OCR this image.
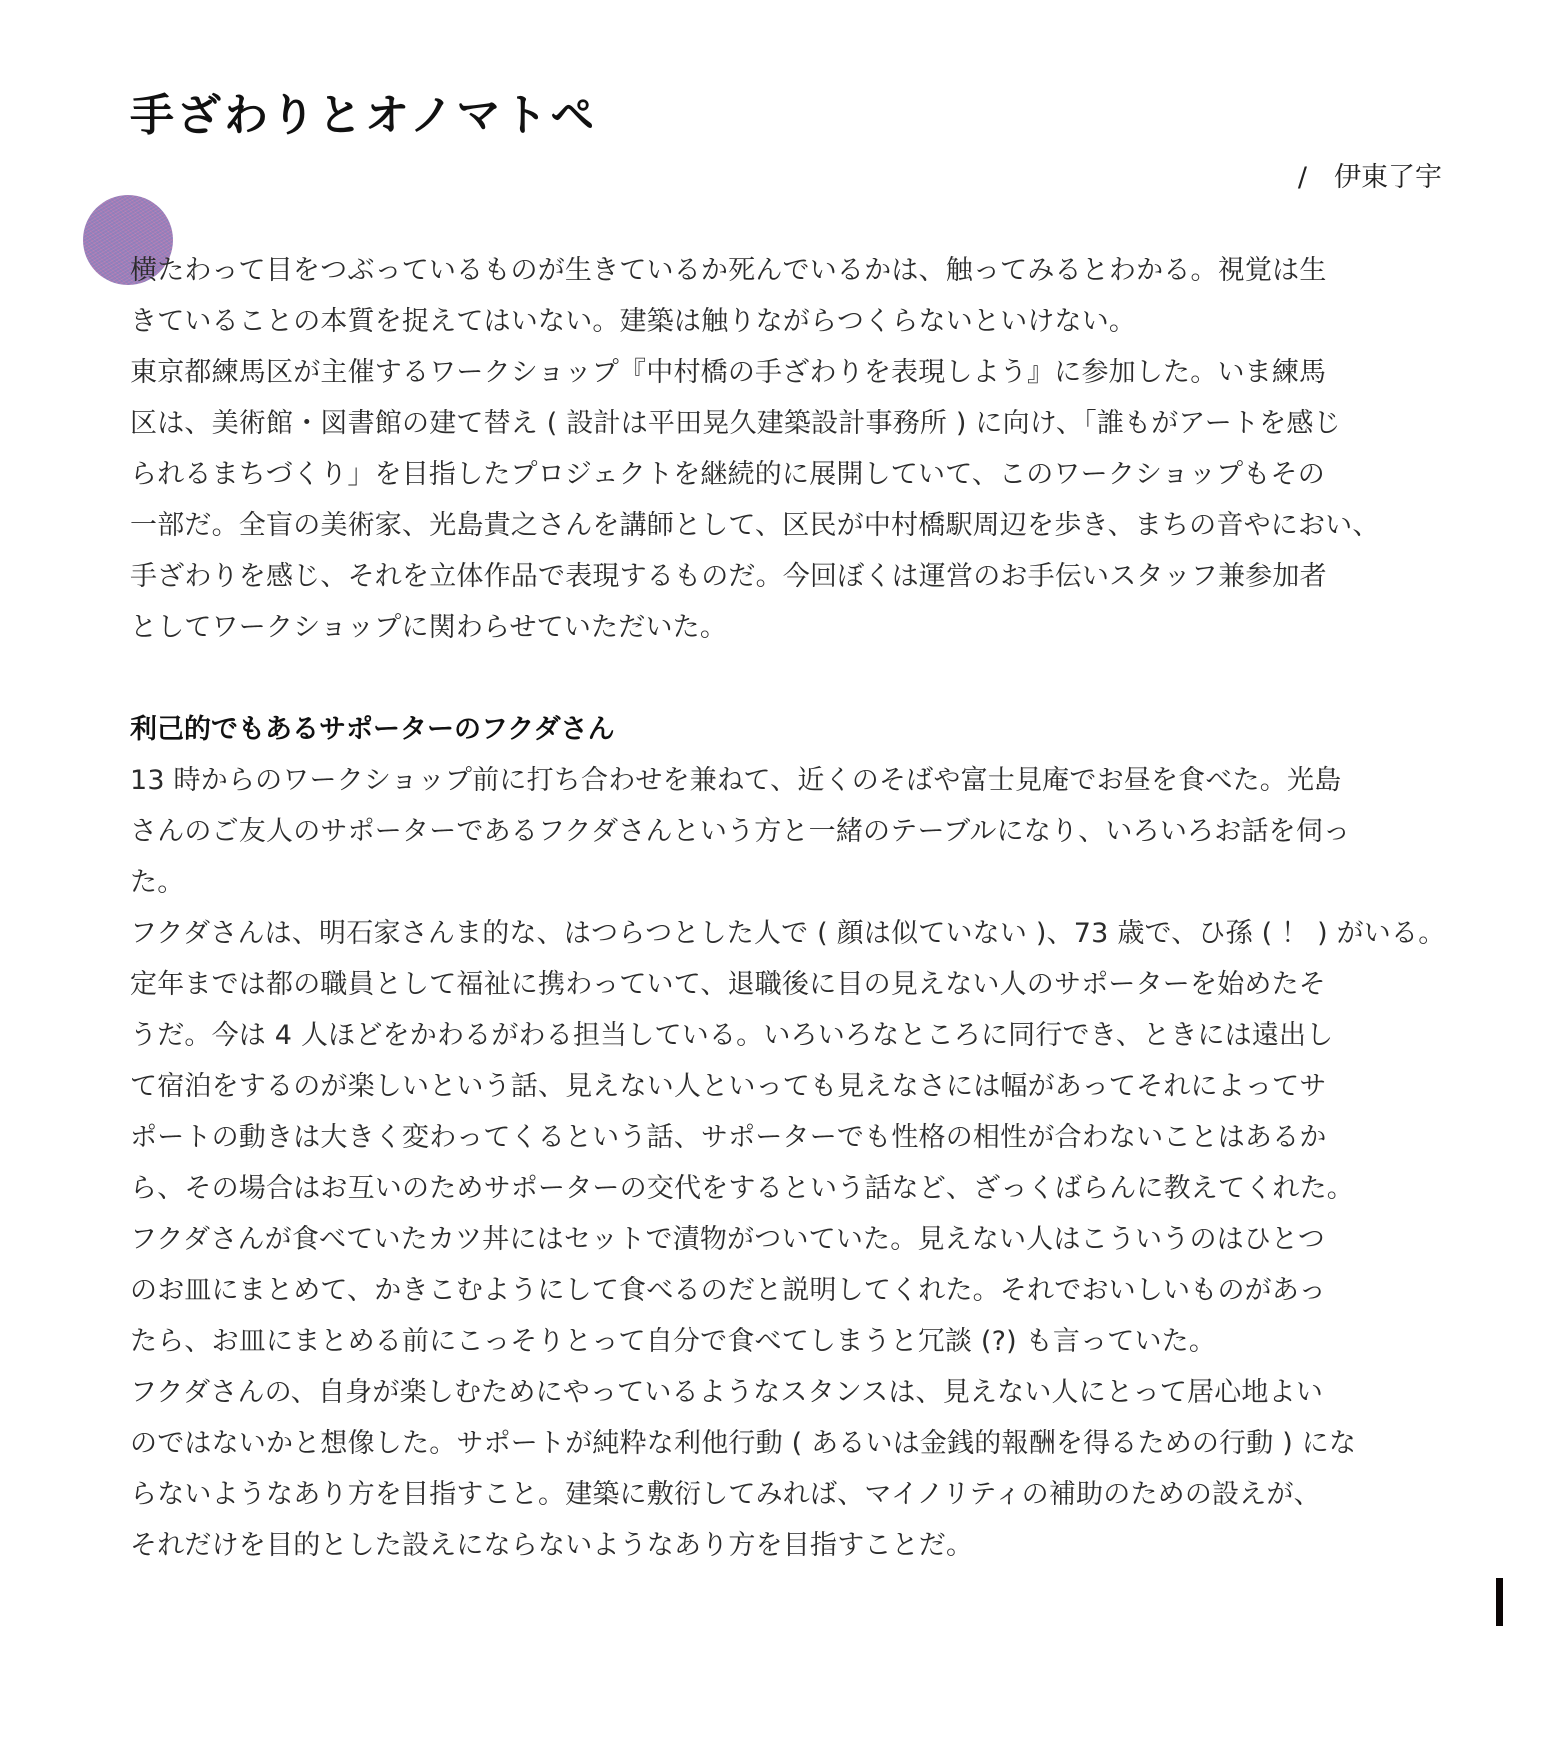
手ざわりとオノマトペ
/　伊東了宇
横たわって目をつぶっているものが生きているか死んでいるかは、触ってみるとわかる。視覚は生
きていることの本質を捉えてはいない。建築は触りながらつくらないといけない。
東京都練馬区が主催するワークショップ『中村橋の手ざわりを表現しよう』に参加した。いま練馬
区は、美術館・図書館の建て替え ( 設計は平田晃久建築設計事務所 ) に向け、「誰もがアートを感じ
られるまちづくり」を目指したプロジェクトを継続的に展開していて、このワークショップもその
一部だ。全盲の美術家、光島貴之さんを講師として、区民が中村橋駅周辺を歩き、まちの音やにおい、
手ざわりを感じ、それを立体作品で表現するものだ。今回ぼくは運営のお手伝いスタッフ兼参加者
としてワークショップに関わらせていただいた。
利己的でもあるサポーターのフクダさん
13 時からのワークショップ前に打ち合わせを兼ねて、近くのそばや富士見庵でお昼を食べた。光島
さんのご友人のサポーターであるフクダさんという方と一緒のテーブルになり、いろいろお話を伺っ
た。
フクダさんは、明石家さんま的な、はつらつとした人で ( 顔は似ていない )、73 歳で、ひ孫 ( ！ ) がいる。
定年までは都の職員として福祉に携わっていて、退職後に目の見えない人のサポーターを始めたそ
うだ。今は 4 人ほどをかわるがわる担当している。いろいろなところに同行でき、ときには遠出し
て宿泊をするのが楽しいという話、見えない人といっても見えなさには幅があってそれによってサ
ポートの動きは大きく変わってくるという話、サポーターでも性格の相性が合わないことはあるか
ら、その場合はお互いのためサポーターの交代をするという話など、ざっくばらんに教えてくれた。
フクダさんが食べていたカツ丼にはセットで漬物がついていた。見えない人はこういうのはひとつ
のお皿にまとめて、かきこむようにして食べるのだと説明してくれた。それでおいしいものがあっ
たら、お皿にまとめる前にこっそりとって自分で食べてしまうと冗談 (?) も言っていた。
フクダさんの、自身が楽しむためにやっているようなスタンスは、見えない人にとって居心地よい
のではないかと想像した。サポートが純粋な利他行動 ( あるいは金銭的報酬を得るための行動 ) にな
らないようなあり方を目指すこと。建築に敷衍してみれば、マイノリティの補助のための設えが、
それだけを目的とした設えにならないようなあり方を目指すことだ。
